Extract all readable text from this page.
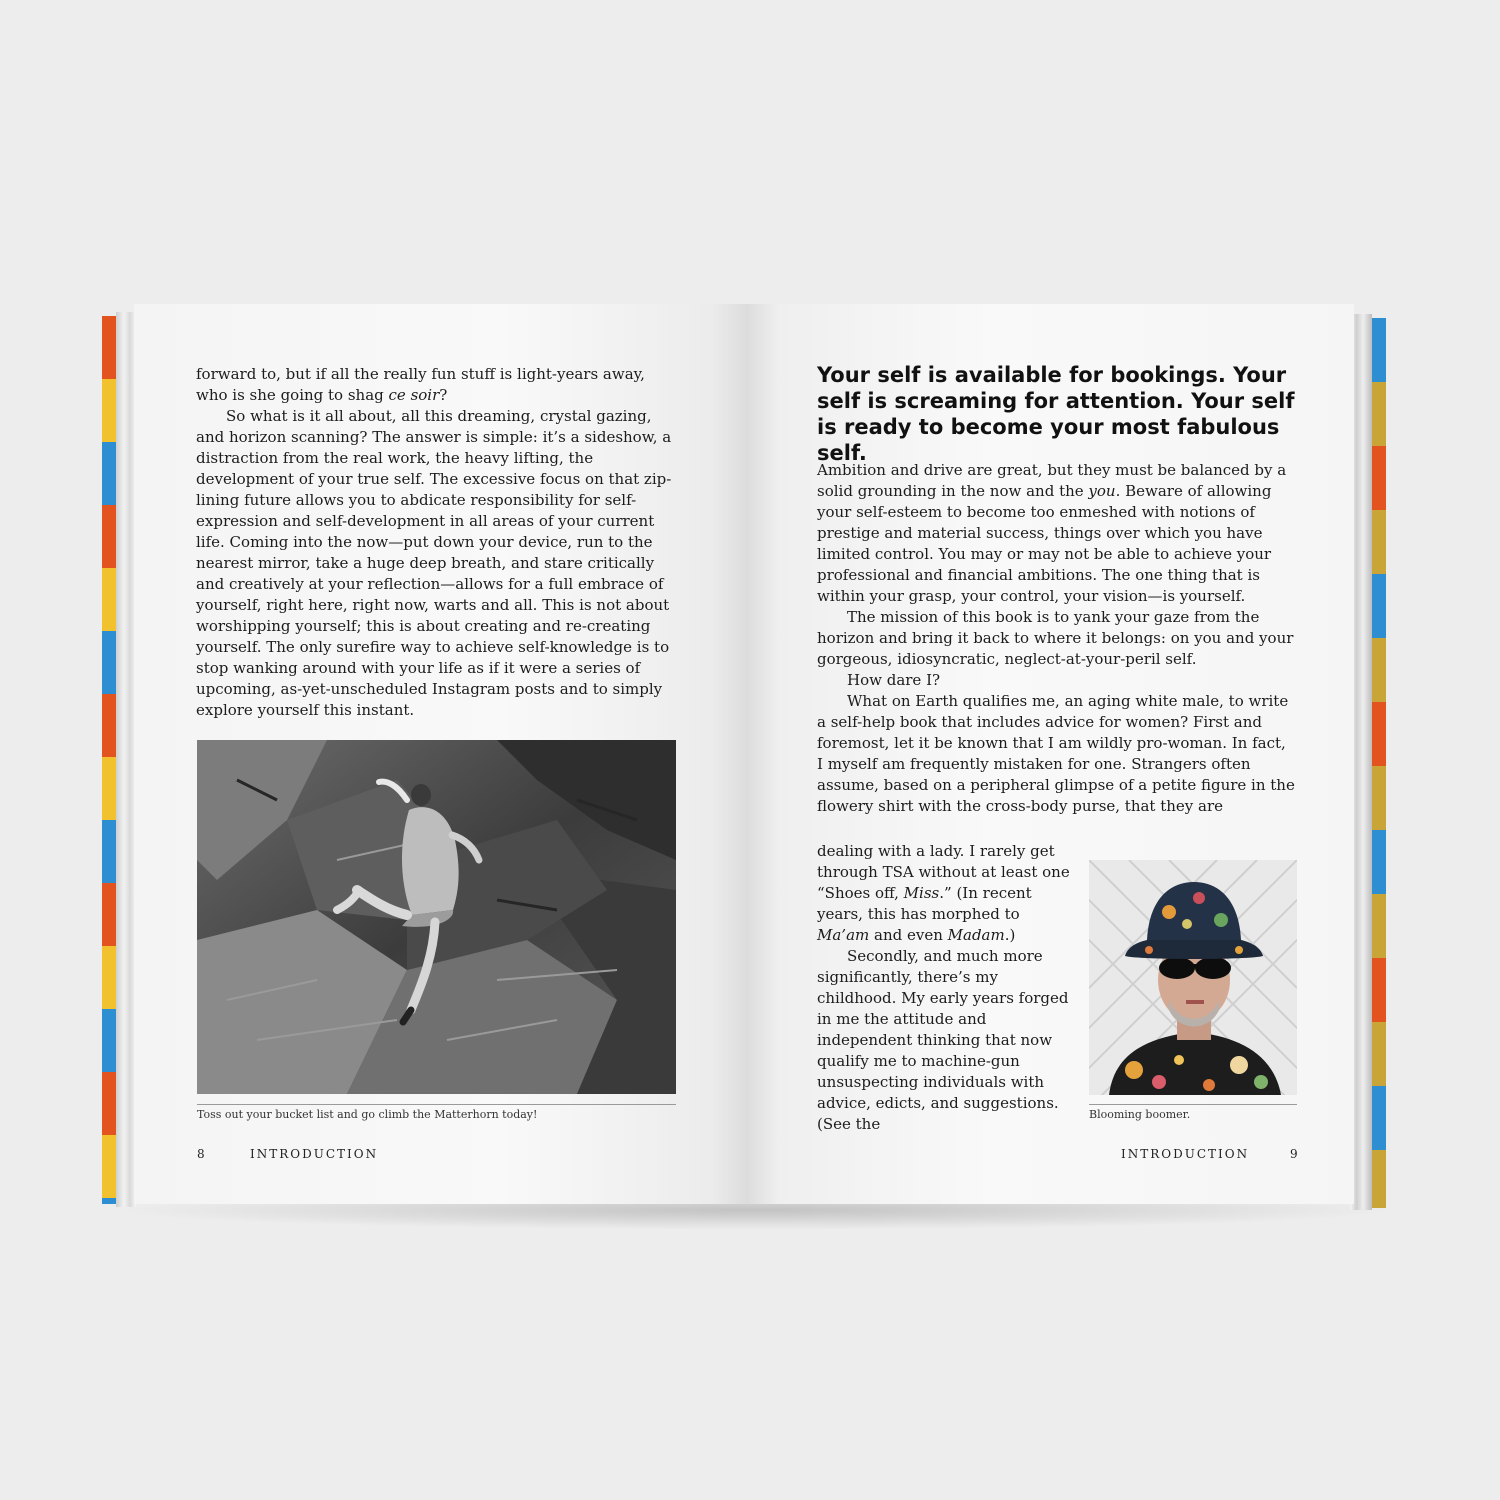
forward to, but if all the really fun stuff is light-years away, who is she going to shag ce soir?

So what is it all about, all this dreaming, crystal gazing, and horizon scanning? The answer is simple: it’s a sideshow, a distraction from the real work, the heavy lifting, the development of your true self. The excessive focus on that zip-lining future allows you to abdicate responsibility for self-expression and self-development in all areas of your current life. Coming into the now—put down your device, run to the nearest mirror, take a huge deep breath, and stare critically and creatively at your reflection—allows for a full embrace of yourself, right here, right now, warts and all. This is not about worshipping yourself; this is about creating and re-creating yourself. The only surefire way to achieve self-knowledge is to stop wanking around with your life as if it were a series of upcoming, as-yet-unscheduled Instagram posts and to simply explore yourself this instant.

Toss out your bucket list and go climb the Matterhorn today!
8	INTRODUCTION
Your self is available for bookings. Your self is screaming for attention. Your self is ready to become your most fabulous self.

Ambition and drive are great, but they must be balanced by a solid grounding in the now and the you. Beware of allowing your self-esteem to become too enmeshed with notions of prestige and material success, things over which you have limited control. You may or may not be able to achieve your professional and financial ambitions. The one thing that is within your grasp, your control, your vision—is yourself.

The mission of this book is to yank your gaze from the horizon and bring it back to where it belongs: on you and your gorgeous, idiosyncratic, neglect-at-your-peril self.

How dare I?

What on Earth qualifies me, an aging white male, to write a self-help book that includes advice for women? First and foremost, let it be known that I am wildly pro-woman. In fact, I myself am frequently mistaken for one. Strangers often assume, based on a peripheral glimpse of a petite figure in the flowery shirt with the cross-body purse, that they are

dealing with a lady. I rarely get through TSA without at least one “Shoes off, Miss.” (In recent years, this has morphed to Ma’am and even Madam.)

Secondly, and much more significantly, there’s my childhood. My early years forged in me the attitude and independent thinking that now qualify me to machine-gun unsuspecting individuals with advice, edicts, and suggestions. (See the

Blooming boomer.
INTRODUCTION	9
